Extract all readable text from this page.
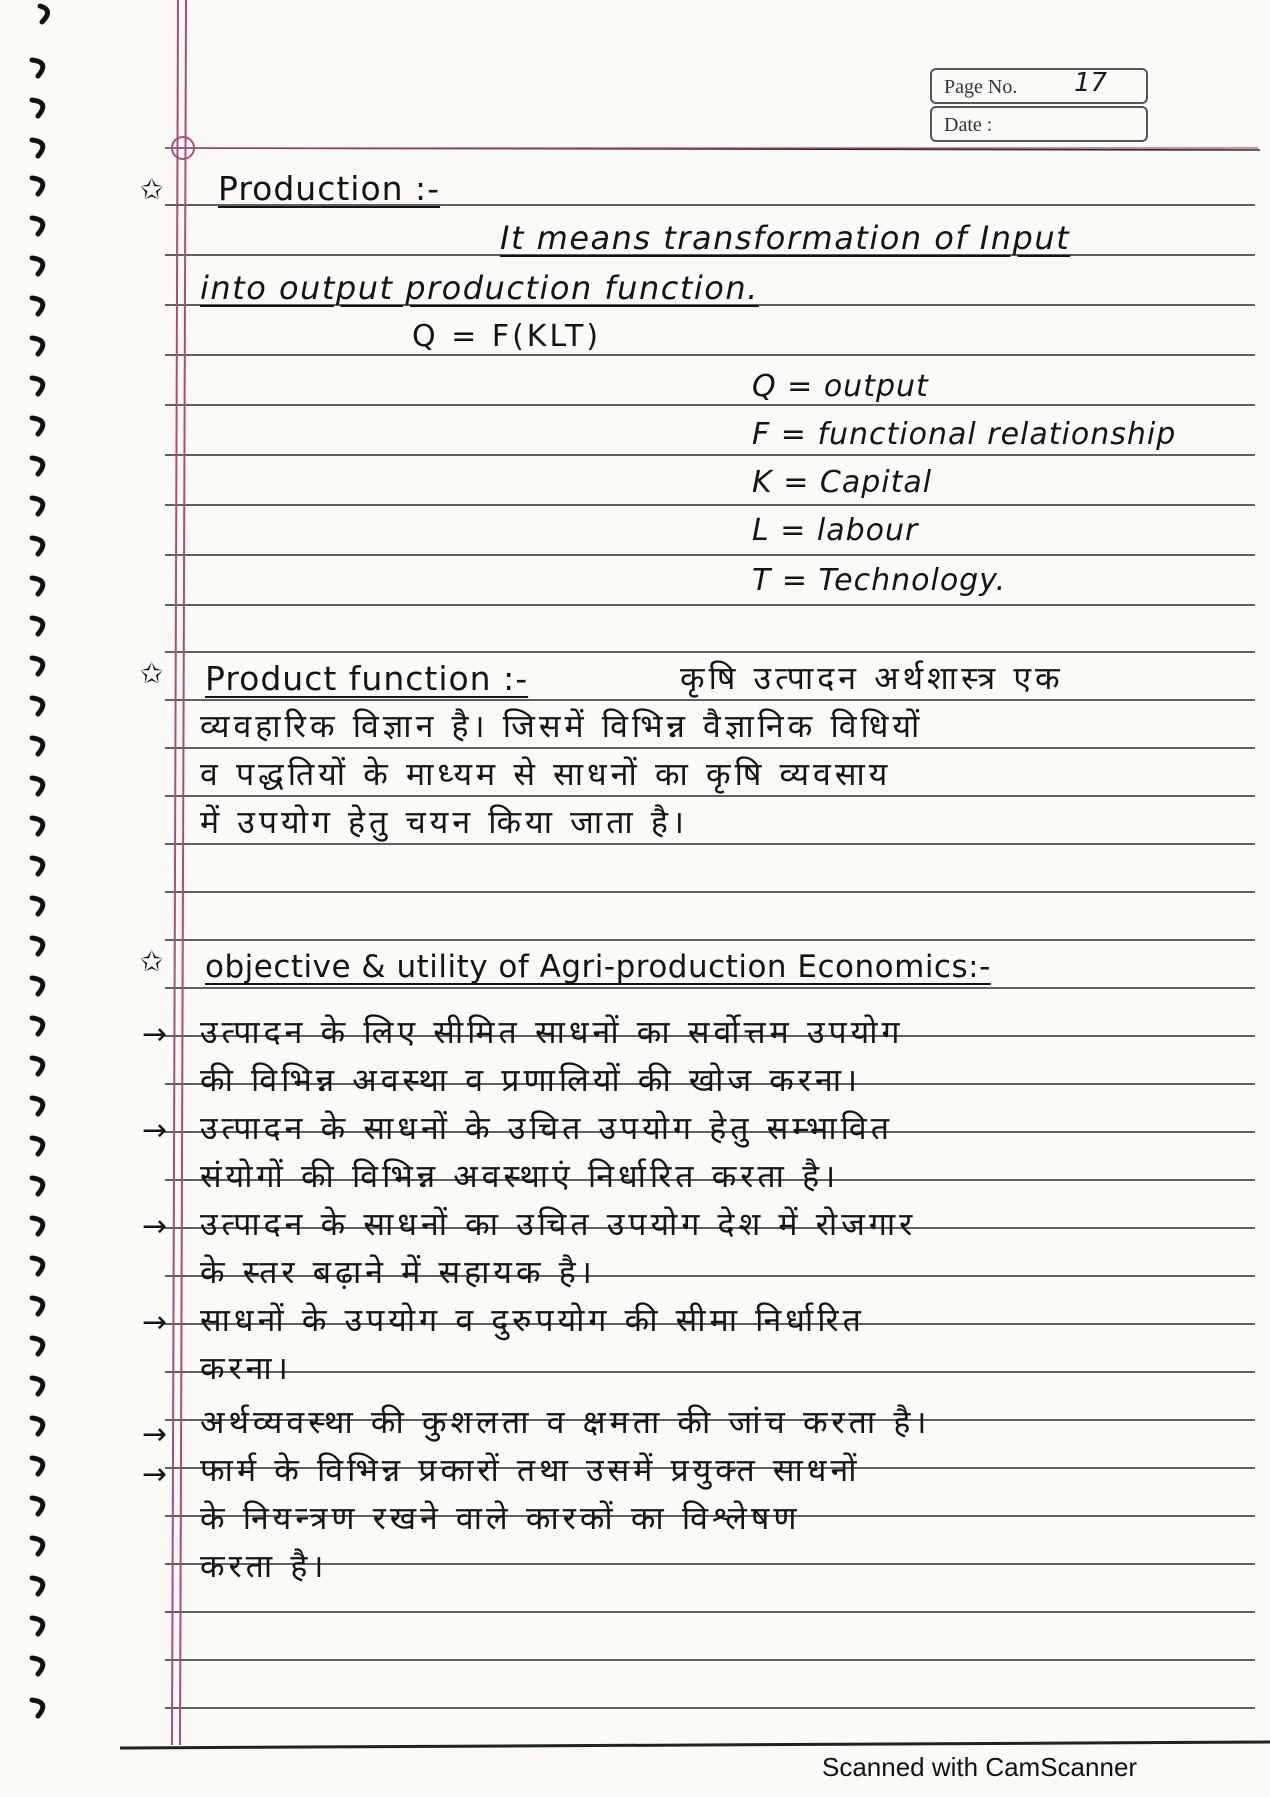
Page No. 17
Date :
✩ Production :-
It means transformation of Input
into output production function.
Q = F(KLT)
Q = output
F = functional relationship
K = Capital
L = labour
T = Technology.
✩ Product function :-	कृषि उत्पादन अर्थशास्त्र एक
व्यवहारिक विज्ञान है। जिसमें विभिन्न वैज्ञानिक विधियों
व पद्धतियों के माध्यम से साधनों का कृषि व्यवसाय
में उपयोग हेतु चयन किया जाता है।
✩ objective & utility of Agri-production Economics:-
→ उत्पादन के लिए सीमित साधनों का सर्वोत्तम उपयोग
की विभिन्न अवस्था व प्रणालियों की खोज करना।
→ उत्पादन के साधनों के उचित उपयोग हेतु सम्भावित
संयोगों की विभिन्न अवस्थाएं निर्धारित करता है।
→ उत्पादन के साधनों का उचित उपयोग देश में रोजगार
के स्तर बढ़ाने में सहायक है।
→ साधनों के उपयोग व दुरुपयोग की सीमा निर्धारित
करना।
→ अर्थव्यवस्था की कुशलता व क्षमता की जांच करता है।
→ फार्म के विभिन्न प्रकारों तथा उसमें प्रयुक्त साधनों
के नियन्त्रण रखने वाले कारकों का विश्लेषण
करता है।
Scanned with CamScanner
